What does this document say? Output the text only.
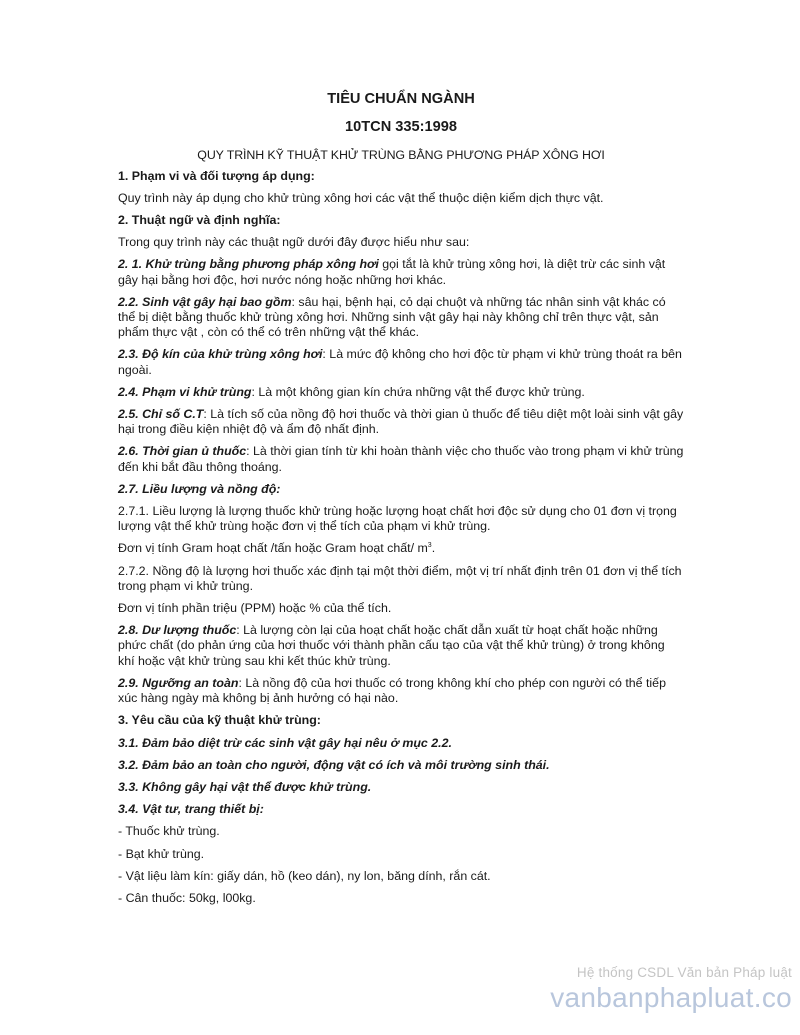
TIÊU CHUẨN NGÀNH

10TCN 335:1998

QUY TRÌNH KỸ THUẬT KHỬ TRÙNG BẰNG PHƯƠNG PHÁP XÔNG HƠI

1. Phạm vi và đối tượng áp dụng:

Quy trình này áp dụng cho khử trùng xông hơi các vật thể thuộc diện kiểm dịch thực vật.

2. Thuật ngữ và định nghĩa:

Trong quy trình này các thuật ngữ dưới đây được hiểu như sau:

2. 1. Khử trùng bằng phương pháp xông hơi gọi tắt là khử trùng xông hơi, là diệt trừ các sinh vật gây hại bằng hơi độc, hơi nước nóng hoặc những hơi khác.

2.2. Sinh vật gây hại bao gồm: sâu hại, bệnh hại, cỏ dại chuột và những tác nhân sinh vật khác có thể bị diệt bằng thuốc khử trùng xông hơi. Những sinh vật gây hại này không chỉ trên thực vật, sản phẩm thực vật , còn có thể có trên những vật thể khác.

2.3. Độ kín của khử trùng xông hơi: Là mức độ không cho hơi độc từ phạm vi khử trùng thoát ra bên ngoài.

2.4. Phạm vi khử trùng: Là một không gian kín chứa những vật thể được khử trùng.

2.5. Chỉ số C.T: Là tích số của nồng độ hơi thuốc và thời gian ủ thuốc để tiêu diệt một loài sinh vật gây hại trong điều kiện nhiệt độ và ẩm độ nhất định.

2.6. Thời gian ủ thuốc: Là thời gian tính từ khi hoàn thành việc cho thuốc vào trong phạm vi khử trùng đến khi bắt đầu thông thoáng.

2.7. Liều lượng và nồng độ:

2.7.1. Liều lượng là lượng thuốc khử trùng hoặc lượng hoạt chất hơi độc sử dụng cho 01 đơn vị trọng lượng vật thể khử trùng hoặc đơn vị thể tích của phạm vi khử trùng.

Đơn vị tính Gram hoạt chất /tấn hoặc Gram hoạt chất/ $m^3$.

2.7.2. Nồng độ là lượng hơi thuốc xác định tại một thời điểm, một vị trí nhất định trên 01 đơn vị thể tích trong phạm vi khử trùng.

Đơn vị tính phần triệu (PPM) hoặc % của thể tích.

2.8. Dư lượng thuốc: Là lượng còn lại của hoạt chất hoặc chất dẫn xuất từ hoạt chất hoặc những phức chất (do phản ứng của hơi thuốc với thành phần cấu tạo của vật thể khử trùng) ở trong không khí hoặc vật khử trùng sau khi kết thúc khử trùng.

2.9. Ngưỡng an toàn: Là nồng độ của hơi thuốc có trong không khí cho phép con người có thể tiếp xúc hàng ngày mà không bị ảnh hưởng có hại nào.

3. Yêu cầu của kỹ thuật khử trùng:

3.1. Đảm bảo diệt trừ các sinh vật gây hại nêu ở mục 2.2.

3.2. Đảm bảo an toàn cho người, động vật có ích và môi trường sinh thái.

3.3. Không gây hại vật thể được khử trùng.

3.4. Vật tư, trang thiết bị:

- Thuốc khử trùng.

- Bạt khử trùng.

- Vật liệu làm kín: giấy dán, hồ (keo dán), ny lon, băng dính, rắn cát.

- Cân thuốc: 50kg, l00kg.

Hệ thống CSDL Văn bản Pháp luật
vanbanphapluat.co
